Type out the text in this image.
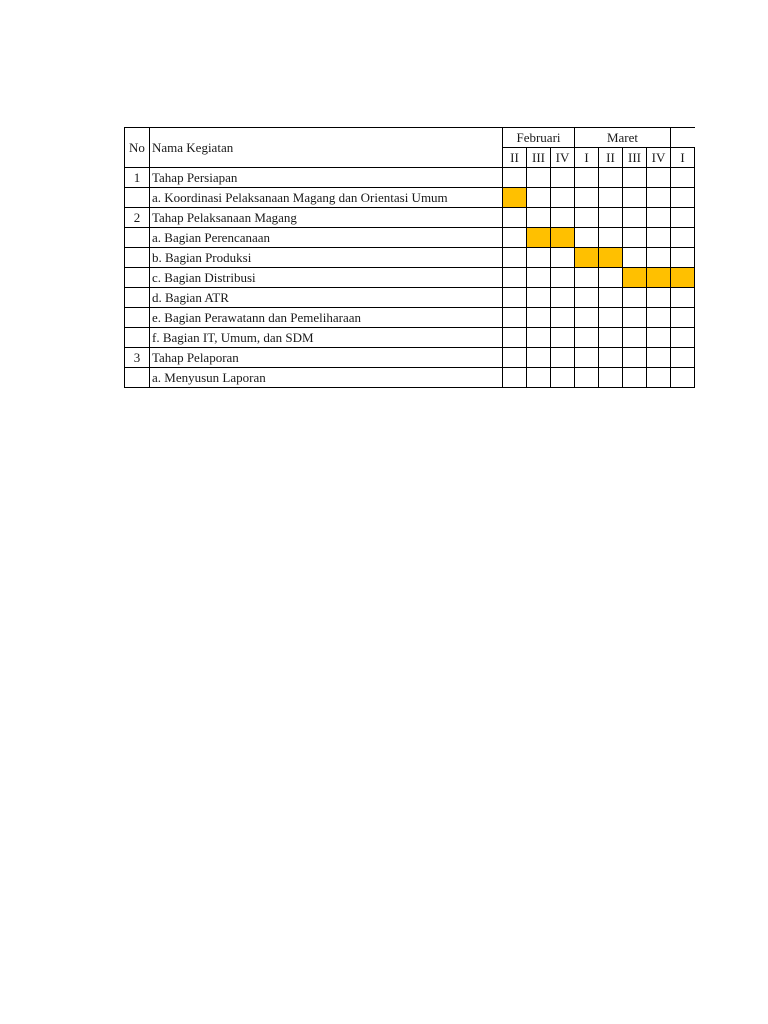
No	Nama Kegiatan	Februari			Maret				
		II	III	IV	I	II	III	IV	I
1	Tahap Persiapan								
	a. Koordinasi Pelaksanaan Magang dan Orientasi Umum								
2	Tahap Pelaksanaan Magang								
	a. Bagian Perencanaan								
	b. Bagian Produksi								
	c. Bagian Distribusi								
	d. Bagian ATR								
	e. Bagian Perawatann dan Pemeliharaan								
	f. Bagian IT, Umum, dan SDM								
3	Tahap Pelaporan								
	a. Menyusun Laporan								
